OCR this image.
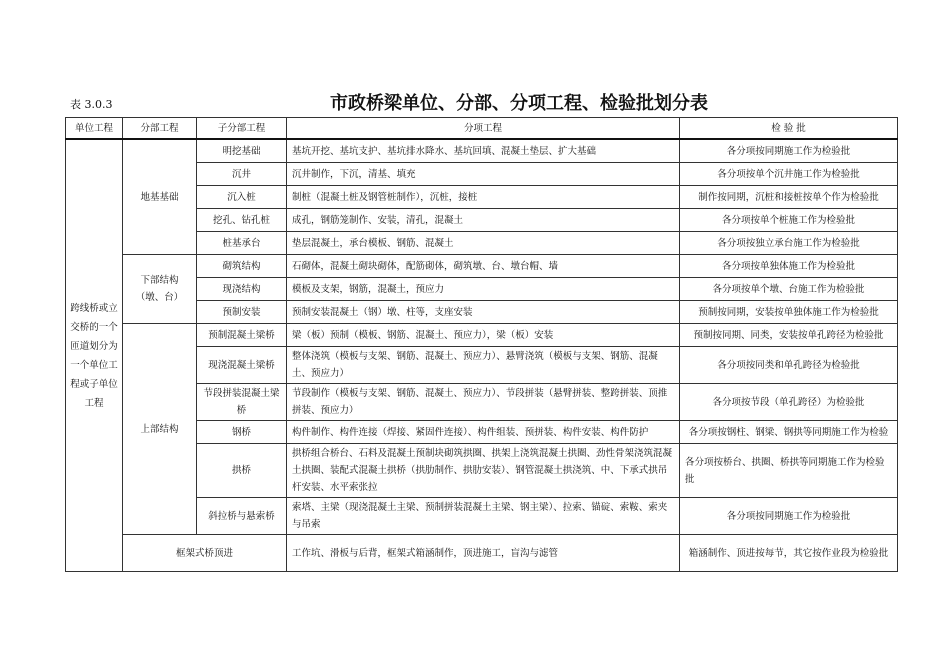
表 3.0.3	市政桥梁单位、分部、分项工程、检验批划分表
单位工程	分部工程	子分部工程	分项工程	检 验 批
跨线桥或立交桥的一个匝道划分为一个单位工程或子单位工程	地基基础	明挖基础	基坑开挖、基坑支护、基坑排水降水、基坑回填、混凝土垫层、扩大基础	各分项按同期施工作为检验批
		沉井	沉井制作，下沉，清基、填充	各分项按单个沉井施工作为检验批
		沉入桩	制桩（混凝土桩及钢管桩制作），沉桩，接桩	制作按同期，沉桩和接桩按单个作为检验批
		挖孔、钻孔桩	成孔，钢筋笼制作、安装，清孔，混凝土	各分项按单个桩施工作为检验批
		桩基承台	垫层混凝土，承台模板、钢筋、混凝土	各分项按独立承台施工作为检验批
	下部结构（墩、台）	砌筑结构	石砌体，混凝土砌块砌体，配筋砌体，砌筑墩、台、墩台帽、墙	各分项按单独体施工作为检验批
		现浇结构	模板及支架，钢筋，混凝土，预应力	各分项按单个墩、台施工作为检验批
		预制安装	预制安装混凝土（钢）墩、柱等，支座安装	预制按同期，安装按单独体施工作为检验批
	上部结构	预制混凝土梁桥	梁（板）预制（模板、钢筋、混凝土、预应力），梁（板）安装	预制按同期、同类，安装按单孔跨径为检验批
		现浇混凝土梁桥	整体浇筑（模板与支架、钢筋、混凝土、预应力）、悬臂浇筑（模板与支架、钢筋、混凝土、预应力）	各分项按同类和单孔跨径为检验批
		节段拼装混凝土梁桥	节段制作（模板与支架、钢筋、混凝土、预应力）、节段拼装（悬臂拼装、整跨拼装、顶推拼装、预应力）	各分项按节段（单孔跨径）为检验批
		钢桥	构件制作、构件连接（焊接、紧固件连接）、构件组装、预拼装、构件安装、构件防护	各分项按钢柱、钢梁、钢拱等同期施工作为检验
		拱桥	拱桥组合桥台、石料及混凝土预制块砌筑拱圈、拱架上浇筑混凝土拱圈、劲性骨架浇筑混凝土拱圈、装配式混凝土拱桥（拱肋制作、拱肋安装）、钢管混凝土拱浇筑、中、下承式拱吊杆安装、水平索张拉	各分项按桥台、拱圈、桥拱等同期施工作为检验批
		斜拉桥与悬索桥	索塔、主梁（现浇混凝土主梁、预制拼装混凝土主梁、钢主梁）、拉索、锚碇、索鞍、索夹与吊索	各分项按同期施工作为检验批
	框架式桥顶进		工作坑、滑板与后背，框架式箱涵制作，顶进施工，盲沟与滤管	箱涵制作、顶进按每节，其它按作业段为检验批
